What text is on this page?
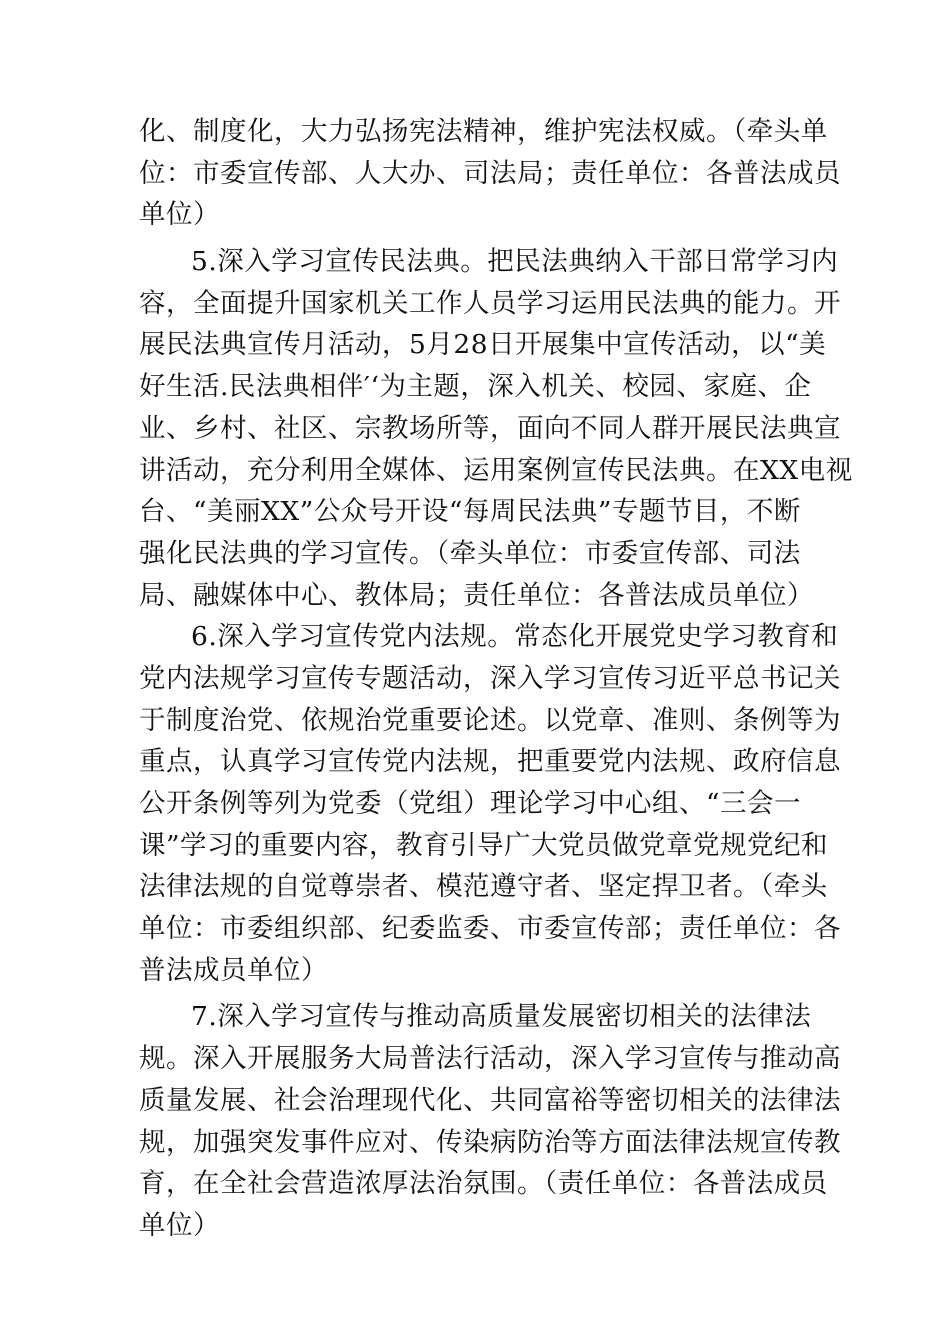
化、制度化，大力弘扬宪法精神，维护宪法权威。（牵头单
位：市委宣传部、人大办、司法局；责任单位：各普法成员
单位）
5.深入学习宣传民法典。把民法典纳入干部日常学习内
容，全面提升国家机关工作人员学习运用民法典的能力。开
展民法典宣传月活动，5月28日开展集中宣传活动，以“美
好生活.民法典相伴′‘为主题，深入机关、校园、家庭、企
业、乡村、社区、宗教场所等，面向不同人群开展民法典宣
讲活动，充分利用全媒体、运用案例宣传民法典。在XX电视
台、“美丽XX”公众号开设“每周民法典”专题节目，不断
强化民法典的学习宣传。（牵头单位：市委宣传部、司法
局、融媒体中心、教体局；责任单位：各普法成员单位）
6.深入学习宣传党内法规。常态化开展党史学习教育和
党内法规学习宣传专题活动，深入学习宣传习近平总书记关
于制度治党、依规治党重要论述。以党章、准则、条例等为
重点，认真学习宣传党内法规，把重要党内法规、政府信息
公开条例等列为党委（党组）理论学习中心组、“三会一
课”学习的重要内容，教育引导广大党员做党章党规党纪和
法律法规的自觉尊崇者、模范遵守者、坚定捍卫者。（牵头
单位：市委组织部、纪委监委、市委宣传部；责任单位：各
普法成员单位）
7.深入学习宣传与推动高质量发展密切相关的法律法
规。深入开展服务大局普法行活动，深入学习宣传与推动高
质量发展、社会治理现代化、共同富裕等密切相关的法律法
规，加强突发事件应对、传染病防治等方面法律法规宣传教
育，在全社会营造浓厚法治氛围。（责任单位：各普法成员
单位）
